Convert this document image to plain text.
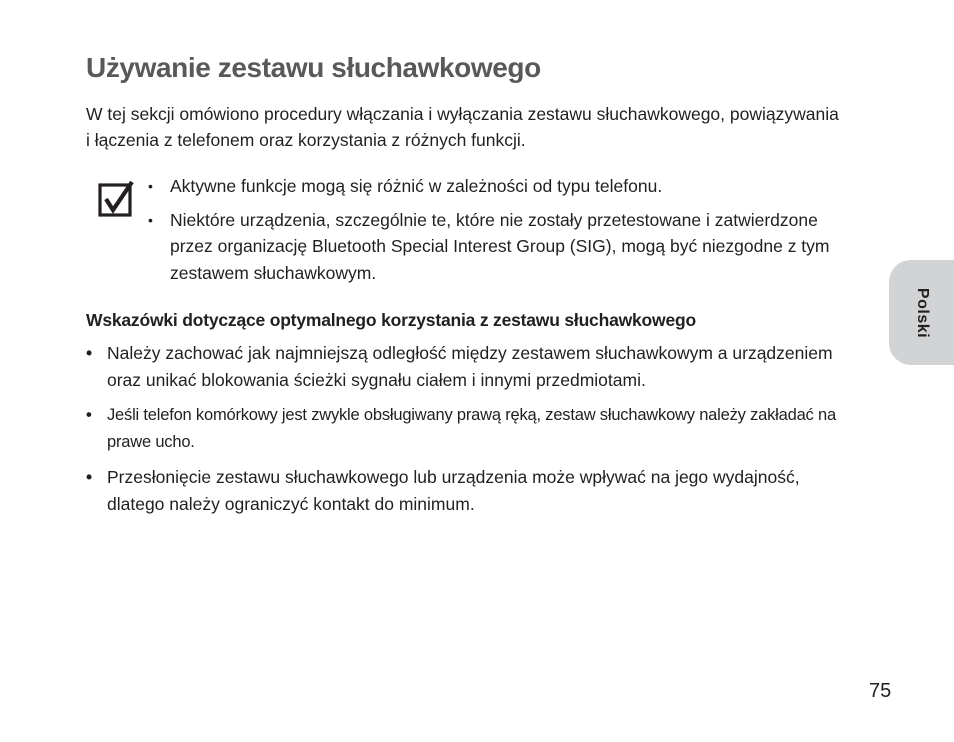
Używanie zestawu słuchawkowego

W tej sekcji omówiono procedury włączania i wyłączania zestawu słuchawkowego, powiązywania i łączenia z telefonem oraz korzystania z różnych funkcji.

• Aktywne funkcje mogą się różnić w zależności od typu telefonu.
• Niektóre urządzenia, szczególnie te, które nie zostały przetestowane i zatwierdzone przez organizację Bluetooth Special Interest Group (SIG), mogą być niezgodne z tym zestawem słuchawkowym.
Wskazówki dotyczące optymalnego korzystania z zestawu słuchawkowego
• Należy zachować jak najmniejszą odległość między zestawem słuchawkowym a urządzeniem oraz unikać blokowania ścieżki sygnału ciałem i innymi przedmiotami.
• Jeśli telefon komórkowy jest zwykle obsługiwany prawą ręką, zestaw słuchawkowy należy zakładać na prawe ucho.
• Przesłonięcie zestawu słuchawkowego lub urządzenia może wpływać na jego wydajność, dlatego należy ograniczyć kontakt do minimum.
Polski
75
